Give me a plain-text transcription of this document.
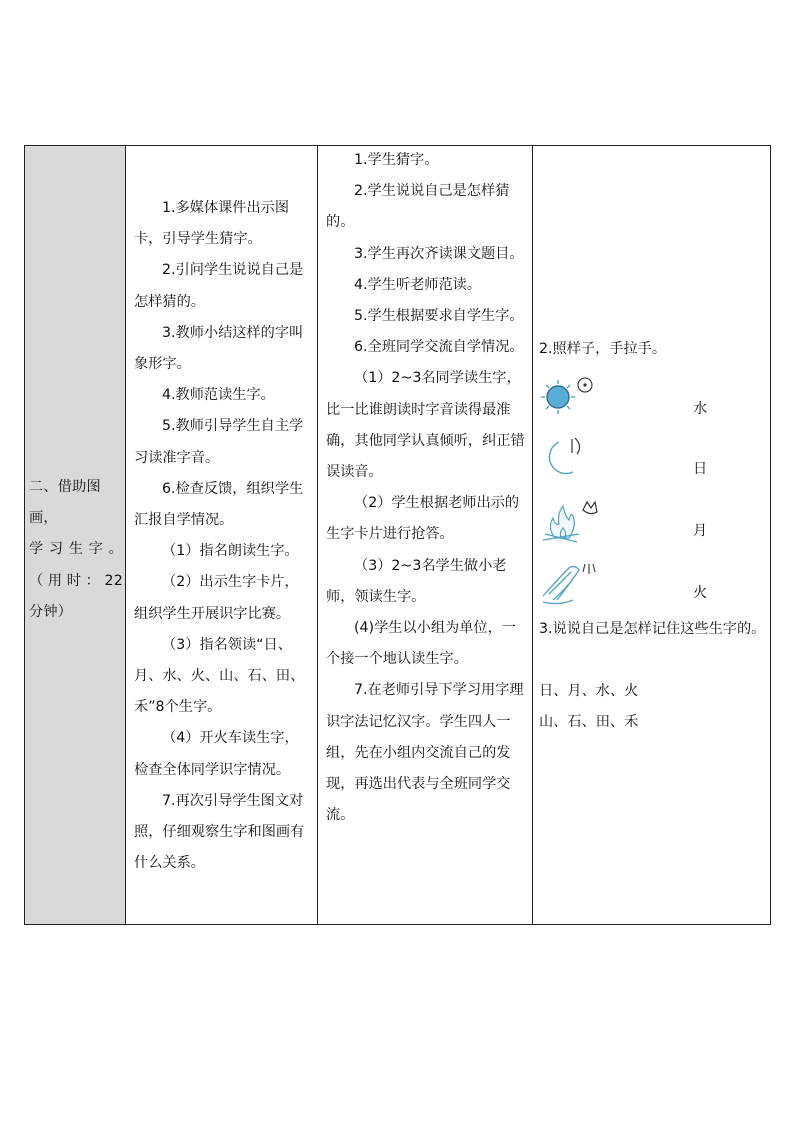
二、借助图画，

学 习 生 字 。

（用时：22

分钟）

1.多媒体课件出示图卡，引导学生猜字。

2.引问学生说说自己是怎样猜的。

3.教师小结这样的字叫象形字。

4.教师范读生字。

5.教师引导学生自主学习读准字音。

6.检查反馈，组织学生汇报自学情况。

（1）指名朗读生字。

（2）出示生字卡片，组织学生开展识字比赛。

（3）指名领读“日、月、水、火、山、石、田、禾”8个生字。

（4）开火车读生字，检查全体同学识字情况。

7.再次引导学生图文对照，仔细观察生字和图画有什么关系。

1.学生猜字。

2.学生说说自己是怎样猜的。

3.学生再次齐读课文题目。

4.学生听老师范读。

5.学生根据要求自学生字。

6.全班同学交流自学情况。

（1）2~3名同学读生字，比一比谁朗读时字音读得最准确，其他同学认真倾听，纠正错误读音。

（2）学生根据老师出示的生字卡片进行抢答。

（3）2~3名学生做小老师，领读生字。

(4)学生以小组为单位，一个接一个地认读生字。

7.在老师引导下学习用字理识字法记忆汉字。学生四人一组，先在小组内交流自己的发现，再选出代表与全班同学交流。

2.照样子，手拉手。

水
日
月
火

3.说说自己是怎样记住这些生字的。

日、月、水、火

山、石、田、禾
